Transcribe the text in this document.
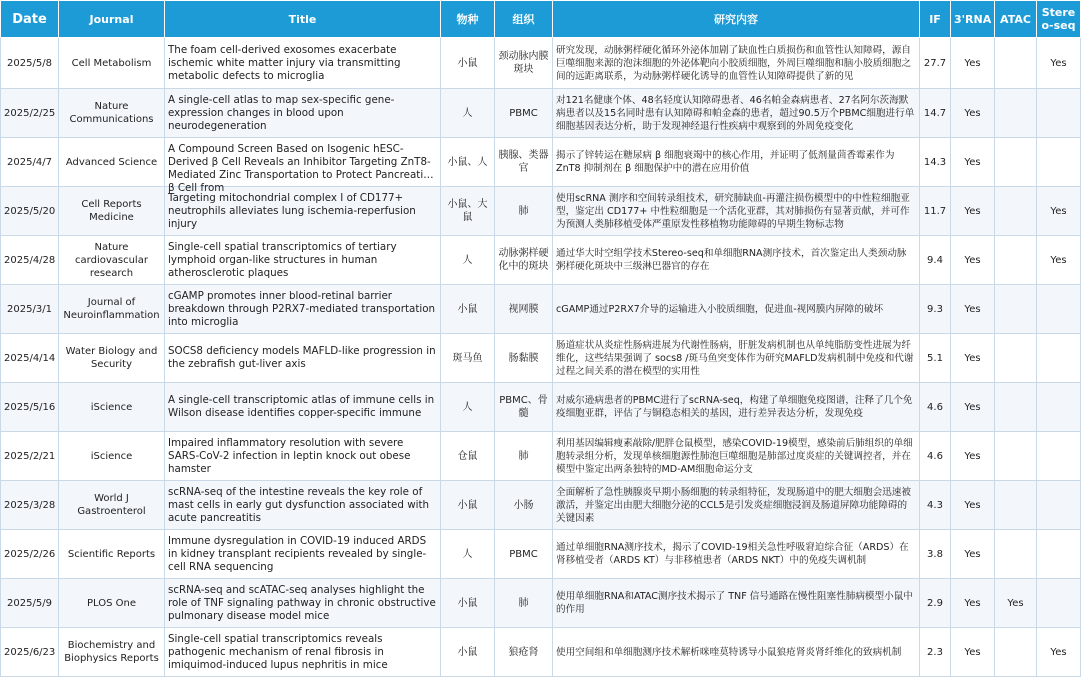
Date	Journal	Title	物种	组织	研究内容	IF	3'RNA	ATAC	Stere o-seq

2025/5/8	Cell Metabolism	The foam cell-derived exosomes exacerbate ischemic white matter injury via transmitting metabolic defects to microglia	小鼠	颈动脉内膜斑块	研究发现，动脉粥样硬化循环外泌体加剧了缺血性白质损伤和血管性认知障碍，源自巨噬细胞来源的泡沫细胞的外泌体靶向小胶质细胞，外周巨噬细胞和脑小胶质细胞之间的远距离联系，为动脉粥样硬化诱导的血管性认知障碍提供了新的见	27.7	Yes		Yes

2025/2/25	Nature Communications	A single-cell atlas to map sex-specific gene-expression changes in blood upon neurodegeneration	人	PBMC	对121名健康个体、48名轻度认知障碍患者、46名帕金森病患者、27名阿尔茨海默病患者以及15名同时患有认知障碍和帕金森的患者，超过90.5万个PBMC细胞进行单细胞基因表达分析，助于发现神经退行性疾病中观察到的外周免疫变化	14.7	Yes		

2025/4/7	Advanced Science	A Compound Screen Based on Isogenic hESC-Derived β Cell Reveals an Inhibitor Targeting ZnT8-Mediated Zinc Transportation to Protect Pancreatic β Cell from	小鼠、人	胰腺、类器官	揭示了锌转运在糖尿病 β 细胞衰竭中的核心作用，并证明了低剂量茴香霉素作为 ZnT8 抑制剂在 β 细胞保护中的潜在应用价值	14.3	Yes		

2025/5/20	Cell Reports Medicine	Targeting mitochondrial complex I of CD177+ neutrophils alleviates lung ischemia-reperfusion injury	小鼠、大鼠	肺	使用scRNA 测序和空间转录组技术，研究肺缺血-再灌注损伤模型中的中性粒细胞亚型，鉴定出 CD177+ 中性粒细胞是一个活化亚群，其对肺损伤有显著贡献，并可作为预测人类肺移植受体严重原发性移植物功能障碍的早期生物标志物	11.7	Yes		Yes

2025/4/28	Nature cardiovascular research	Single-cell spatial transcriptomics of tertiary lymphoid organ-like structures in human atherosclerotic plaques	人	动脉粥样硬化中的斑块	通过华大时空组学技术Stereo-seq和单细胞RNA测序技术，首次鉴定出人类颈动脉粥样硬化斑块中三级淋巴器官的存在	9.4	Yes		Yes

2025/3/1	Journal of Neuroinflammation	cGAMP promotes inner blood-retinal barrier breakdown through P2RX7-mediated transportation into microglia	小鼠	视网膜	cGAMP通过P2RX7介导的运输进入小胶质细胞，促进血-视网膜内屏障的破坏	9.3	Yes		

2025/4/14	Water Biology and Security	SOCS8 deficiency models MAFLD-like progression in the zebrafish gut-liver axis	斑马鱼	肠黏膜	肠道症状从炎症性肠病进展为代谢性肠病，肝脏发病机制也从单纯脂肪变性进展为纤维化，这些结果强调了 socs8 /斑马鱼突变体作为研究MAFLD发病机制中免疫和代谢过程之间关系的潜在模型的实用性	5.1	Yes		

2025/5/16	iScience	A single-cell transcriptomic atlas of immune cells in Wilson disease identifies copper-specific immune	人	PBMC、骨髓	对威尔逊病患者的PBMC进行了scRNA-seq，构建了单细胞免疫图谱，注释了几个免疫细胞亚群，评估了与铜稳态相关的基因，进行差异表达分析，发现免疫	4.6	Yes		

2025/2/21	iScience	Impaired inflammatory resolution with severe SARS-CoV-2 infection in leptin knock out obese hamster	仓鼠	肺	利用基因编辑瘦素敲除/肥胖仓鼠模型，感染COVID-19模型，感染前后肺组织的单细胞转录组分析，发现单核细胞源性肺泡巨噬细胞是肺部过度炎症的关键调控者，并在模型中鉴定出两条独特的MD-AM细胞命运分支	4.6	Yes		

2025/3/28	World J Gastroenterol	scRNA-seq of the intestine reveals the key role of mast cells in early gut dysfunction associated with acute pancreatitis	小鼠	小肠	全面解析了急性胰腺炎早期小肠细胞的转录组特征，发现肠道中的肥大细胞会迅速被激活，并鉴定出由肥大细胞分泌的CCL5是引发炎症细胞浸润及肠道屏障功能障碍的关键因素	4.3	Yes		

2025/2/26	Scientific Reports	Immune dysregulation in COVID-19 induced ARDS in kidney transplant recipients revealed by single-cell RNA sequencing	人	PBMC	通过单细胞RNA测序技术，揭示了COVID-19相关急性呼吸窘迫综合征（ARDS）在肾移植受者（ARDS KT）与非移植患者（ARDS NKT）中的免疫失调机制	3.8	Yes		

2025/5/9	PLOS One	scRNA-seq and scATAC-seq analyses highlight the role of TNF signaling pathway in chronic obstructive pulmonary disease model mice	小鼠	肺	使用单细胞RNA和ATAC测序技术揭示了 TNF 信号通路在慢性阻塞性肺病模型小鼠中的作用	2.9	Yes	Yes	

2025/6/23	Biochemistry and Biophysics Reports	Single-cell spatial transcriptomics reveals pathogenic mechanism of renal fibrosis in imiquimod-induced lupus nephritis in mice	小鼠	狼疮肾	使用空间组和单细胞测序技术解析咪喹莫特诱导小鼠狼疮肾炎肾纤维化的致病机制	2.3	Yes		Yes
